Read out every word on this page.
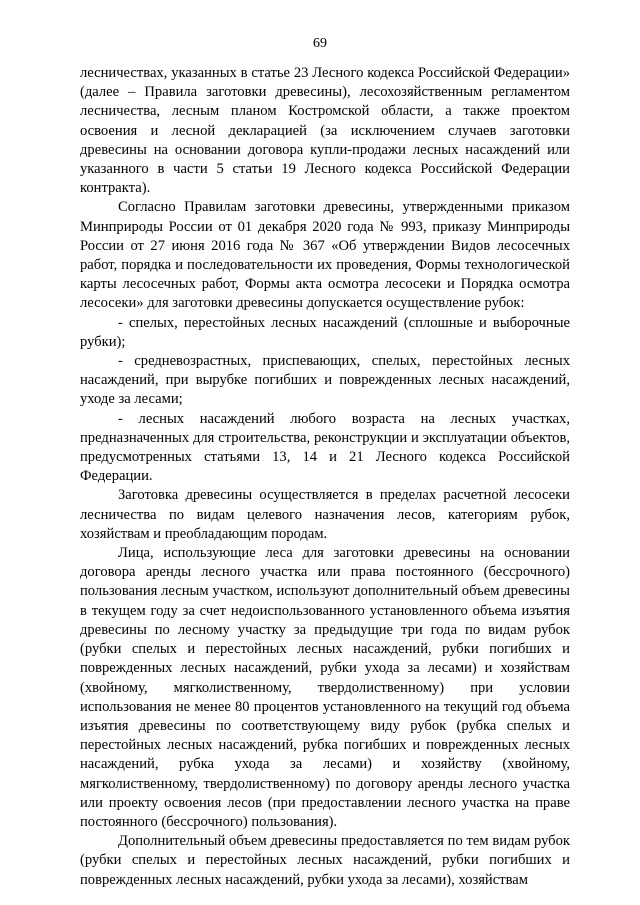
69

лесничествах, указанных в статье 23 Лесного кодекса Российской Федерации» (далее – Правила заготовки древесины), лесохозяйственным регламентом лесничества, лесным планом Костромской области, а также проектом освоения и лесной декларацией (за исключением случаев заготовки древесины на основании договора купли-продажи лесных насаждений или указанного в части 5 статьи 19 Лесного кодекса Российской Федерации контракта).

Согласно Правилам заготовки древесины, утвержденными приказом Минприроды России от 01 декабря 2020 года № 993, приказу Минприроды России от 27 июня 2016 года № 367 «Об утверждении Видов лесосечных работ, порядка и последовательности их проведения, Формы технологической карты лесосечных работ, Формы акта осмотра лесосеки и Порядка осмотра лесосеки» для заготовки древесины допускается осуществление рубок:

- спелых, перестойных лесных насаждений (сплошные и выборочные рубки);

- средневозрастных, приспевающих, спелых, перестойных лесных насаждений, при вырубке погибших и поврежденных лесных насаждений, уходе за лесами;

- лесных насаждений любого возраста на лесных участках, предназначенных для строительства, реконструкции и эксплуатации объектов, предусмотренных статьями 13, 14 и 21 Лесного кодекса Российской Федерации.

Заготовка древесины осуществляется в пределах расчетной лесосеки лесничества по видам целевого назначения лесов, категориям рубок, хозяйствам и преобладающим породам.

Лица, использующие леса для заготовки древесины на основании договора аренды лесного участка или права постоянного (бессрочного) пользования лесным участком, используют дополнительный объем древесины в текущем году за счет недоиспользованного установленного объема изъятия древесины по лесному участку за предыдущие три года по видам рубок (рубки спелых и перестойных лесных насаждений, рубки погибших и поврежденных лесных насаждений, рубки ухода за лесами) и хозяйствам (хвойному, мягколиственному, твердолиственному) при условии использования не менее 80 процентов установленного на текущий год объема изъятия древесины по соответствующему виду рубок (рубка спелых и перестойных лесных насаждений, рубка погибших и поврежденных лесных насаждений, рубка ухода за лесами) и хозяйству (хвойному, мягколиственному, твердолиственному) по договору аренды лесного участка или проекту освоения лесов (при предоставлении лесного участка на праве постоянного (бессрочного) пользования).

Дополнительный объем древесины предоставляется по тем видам рубок (рубки спелых и перестойных лесных насаждений, рубки погибших и поврежденных лесных насаждений, рубки ухода за лесами), хозяйствам
